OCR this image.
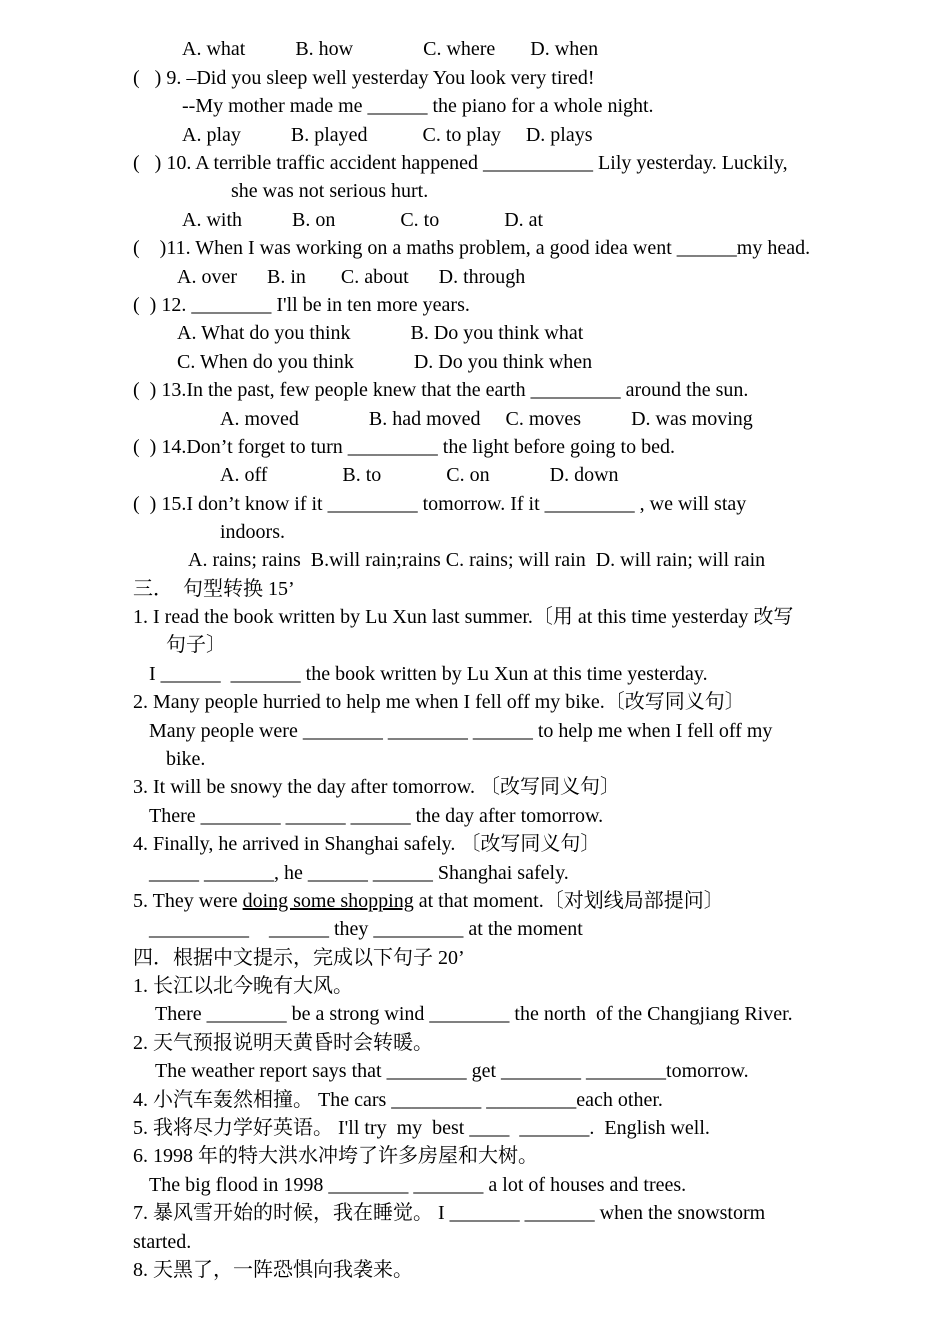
A. what          B. how              C. where       D. when
(   ) 9. –Did you sleep well yesterday You look very tired!
--My mother made me ______ the piano for a whole night.
A. play          B. played           C. to play     D. plays
(   ) 10. A terrible traffic accident happened ___________ Lily yesterday. Luckily,
she was not serious hurt.
A. with          B. on             C. to             D. at
(    )11. When I was working on a maths problem, a good idea went ______my head.
A. over      B. in       C. about      D. through
(  ) 12. ________ I'll be in ten more years.
A. What do you think            B. Do you think what
C. When do you think            D. Do you think when
(  ) 13.In the past, few people knew that the earth _________ around the sun.
A. moved              B. had moved     C. moves          D. was moving
(  ) 14.Don’t forget to turn _________ the light before going to bed.
A. off               B. to             C. on            D. down
(  ) 15.I don’t know if it _________ tomorrow. If it _________ , we will stay
indoors.
A. rains; rains  B.will rain;rains C. rains; will rain  D. will rain; will rain
三．  句型转换 15’
1. I read the book written by Lu Xun last summer.〔用 at this time yesterday 改写
句子〕
I ______  _______ the book written by Lu Xun at this time yesterday.
2. Many people hurried to help me when I fell off my bike.〔改写同义句〕
Many people were ________ ________ ______ to help me when I fell off my
bike.
3. It will be snowy the day after tomorrow. 〔改写同义句〕
There ________ ______ ______ the day after tomorrow.
4. Finally, he arrived in Shanghai safely. 〔改写同义句〕
_____ _______, he ______ ______ Shanghai safely.
5. They were doing some shopping at that moment.〔对划线局部提问〕
__________    ______ they _________ at the moment
四．根据中文提示，完成以下句子 20’
1. 长江以北今晚有大风。
There ________ be a strong wind ________ the north  of the Changjiang River.
2. 天气预报说明天黄昏时会转暖。
The weather report says that ________ get ________ ________tomorrow.
4. 小汽车轰然相撞。 The cars _________ _________each other.
5. 我将尽力学好英语。 I'll try  my  best ____  _______.  English well.
6. 1998 年的特大洪水冲垮了许多房屋和大树。
The big flood in 1998 ________ _______ a lot of houses and trees.
7. 暴风雪开始的时候，我在睡觉。 I _______ _______ when the snowstorm
started.
8. 天黑了，一阵恐惧向我袭来。
